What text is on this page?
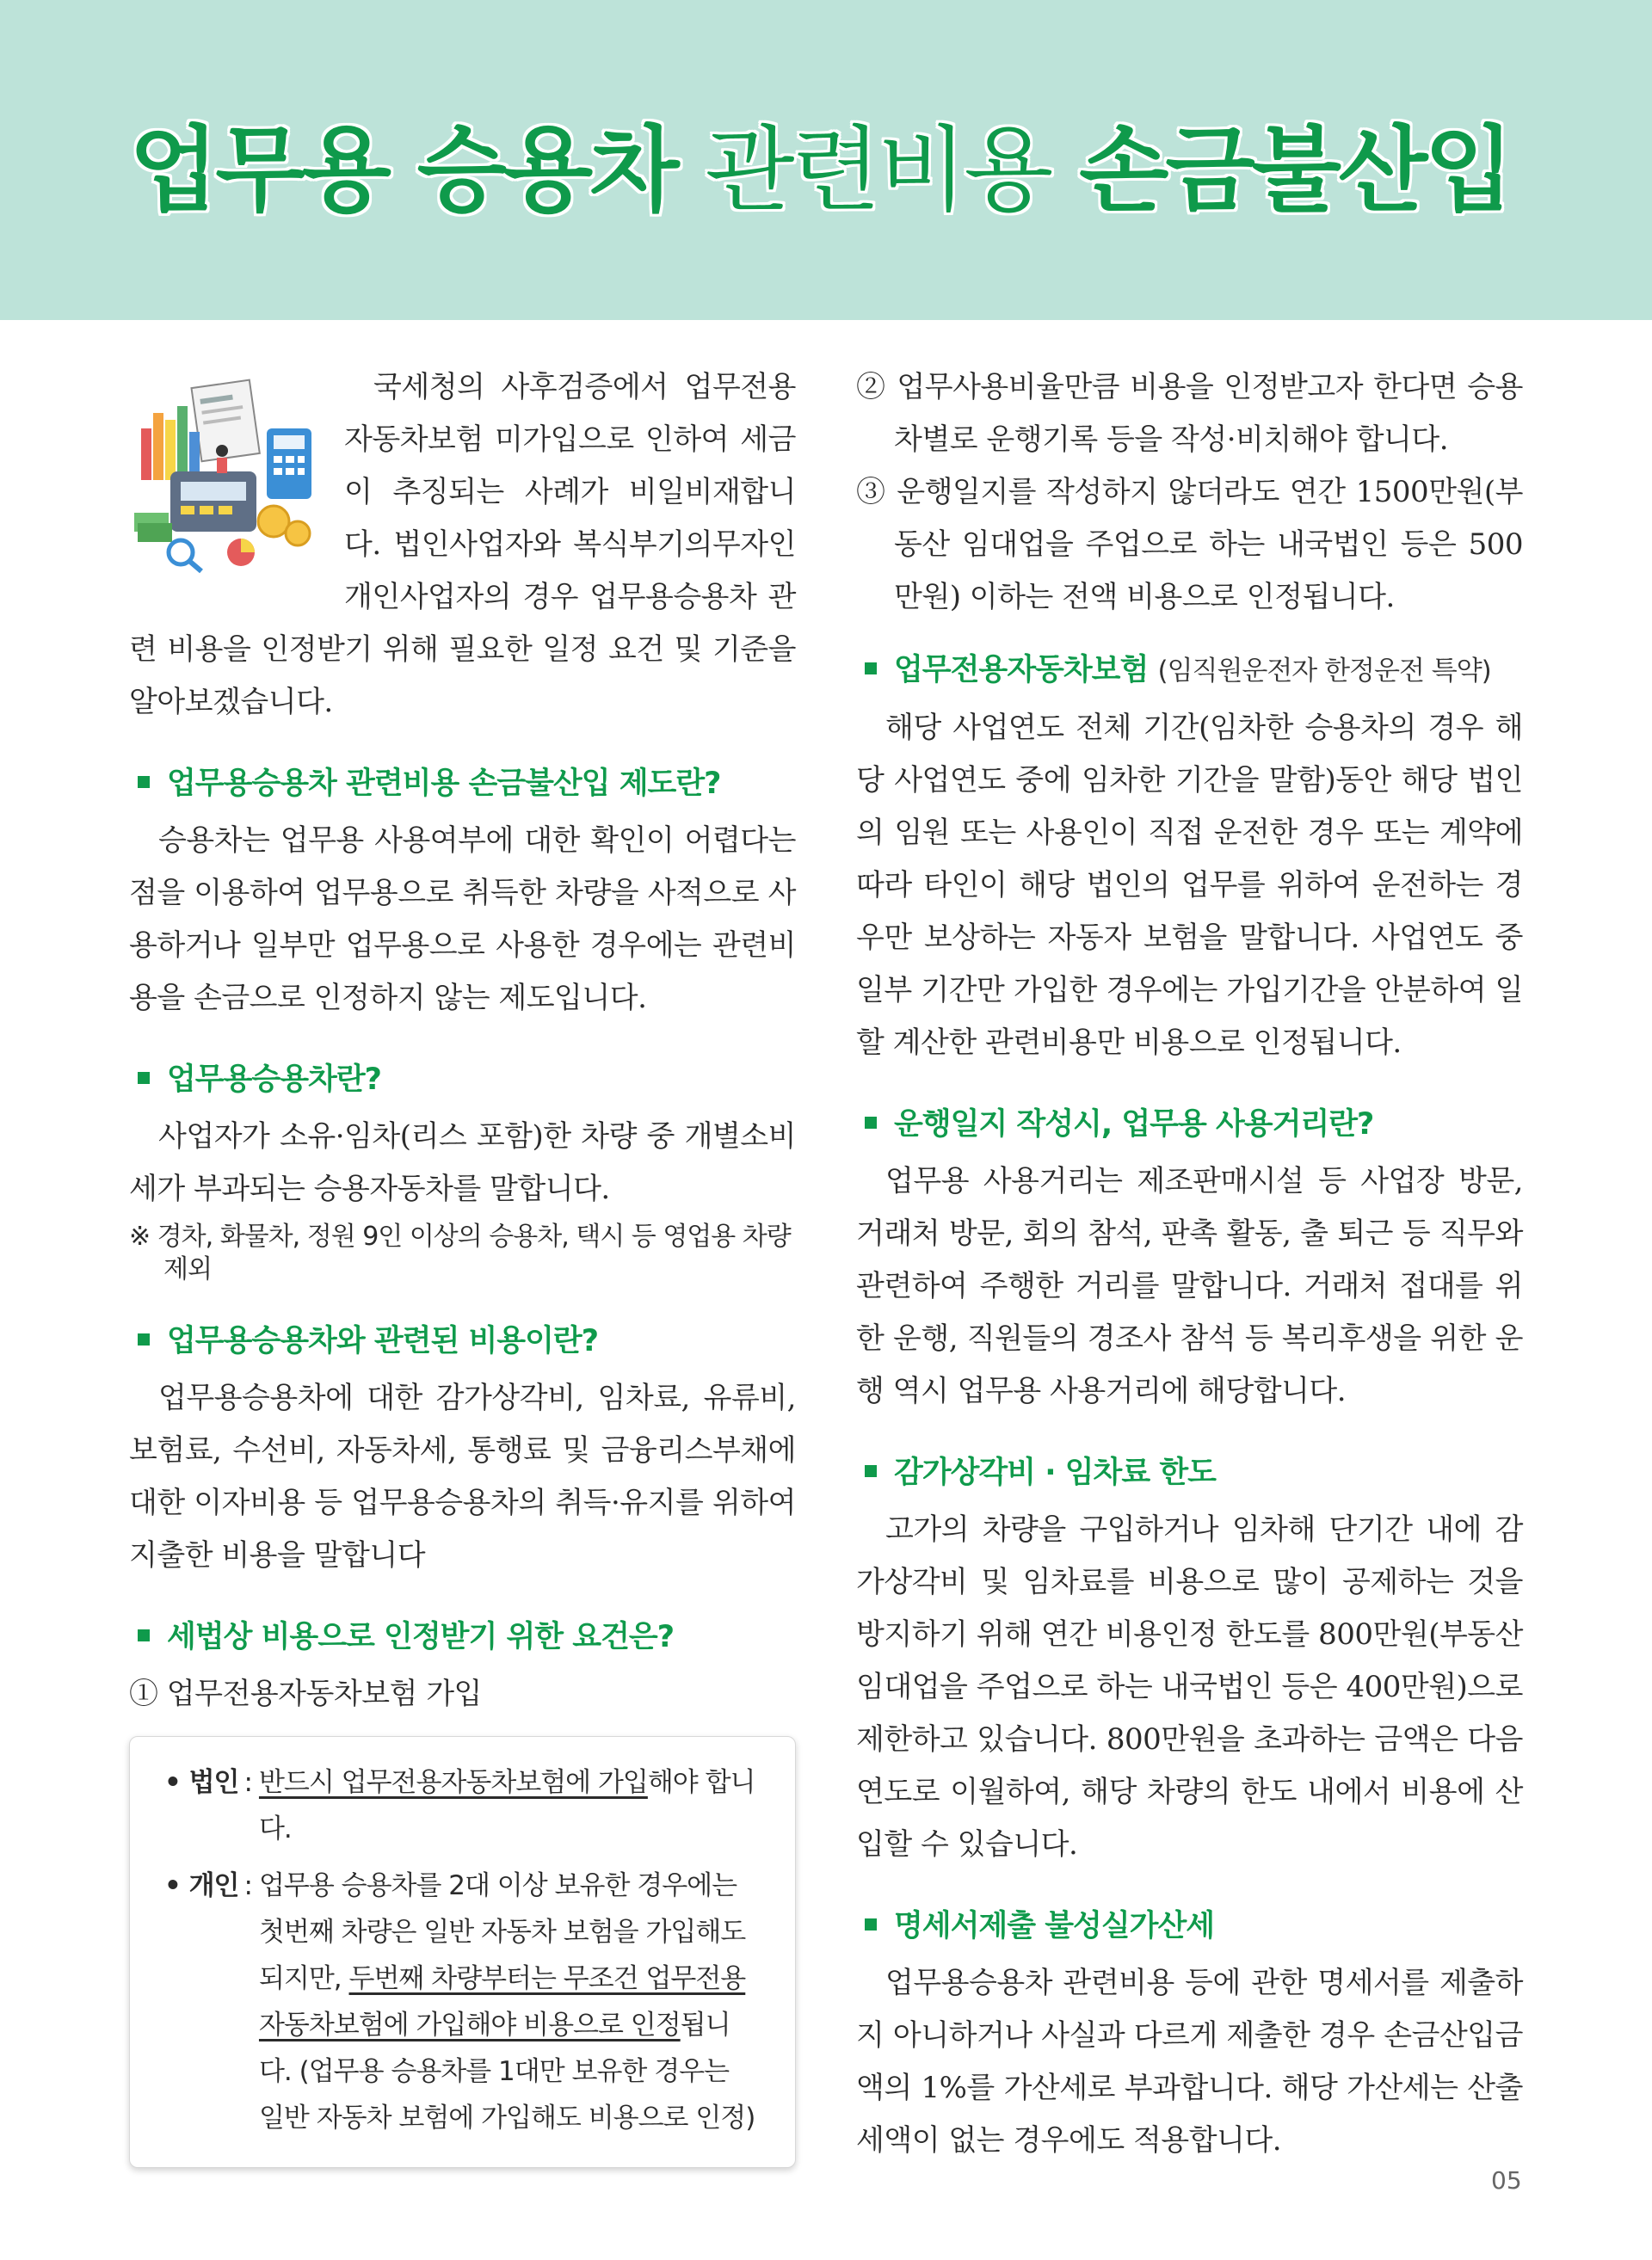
업무용 승용차 관련비용 손금불산입

국세청의 사후검증에서 업무전용자동차보험 미가입으로 인하여 세금이 추징되는 사례가 비일비재합니다. 법인사업자와 복식부기의무자인 개인사업자의 경우 업무용승용차 관련 비용을 인정받기 위해 필요한 일정 요건 및 기준을 알아보겠습니다.

업무용승용차 관련비용 손금불산입 제도란?

승용차는 업무용 사용여부에 대한 확인이 어렵다는 점을 이용하여 업무용으로 취득한 차량을 사적으로 사용하거나 일부만 업무용으로 사용한 경우에는 관련비용을 손금으로 인정하지 않는 제도입니다.

업무용승용차란?

사업자가 소유·임차(리스 포함)한 차량 중 개별소비세가 부과되는 승용자동차를 말합니다.

※ 경차, 화물차, 정원 9인 이상의 승용차, 택시 등 영업용 차량 제외

업무용승용차와 관련된 비용이란?

업무용승용차에 대한 감가상각비, 임차료, 유류비, 보험료, 수선비, 자동차세, 통행료 및 금융리스부채에 대한 이자비용 등 업무용승용차의 취득·유지를 위하여 지출한 비용을 말합니다

세법상 비용으로 인정받기 위한 요건은?

① 업무전용자동차보험 가입

• 법인 : 반드시 업무전용자동차보험에 가입해야 합니다.
• 개인 : 업무용 승용차를 2대 이상 보유한 경우에는 첫번째 차량은 일반 자동차 보험을 가입해도 되지만, 두번째 차량부터는 무조건 업무전용자동차보험에 가입해야 비용으로 인정됩니다. (업무용 승용차를 1대만 보유한 경우는 일반 자동차 보험에 가입해도 비용으로 인정)

② 업무사용비율만큼 비용을 인정받고자 한다면 승용차별로 운행기록 등을 작성·비치해야 합니다.

③ 운행일지를 작성하지 않더라도 연간 1500만원(부동산 임대업을 주업으로 하는 내국법인 등은 500만원) 이하는 전액 비용으로 인정됩니다.

업무전용자동차보험 (임직원운전자 한정운전 특약)

해당 사업연도 전체 기간(임차한 승용차의 경우 해당 사업연도 중에 임차한 기간을 말함)동안 해당 법인의 임원 또는 사용인이 직접 운전한 경우 또는 계약에 따라 타인이 해당 법인의 업무를 위하여 운전하는 경우만 보상하는 자동자 보험을 말합니다. 사업연도 중 일부 기간만 가입한 경우에는 가입기간을 안분하여 일할 계산한 관련비용만 비용으로 인정됩니다.

운행일지 작성시, 업무용 사용거리란?

업무용 사용거리는 제조판매시설 등 사업장 방문, 거래처 방문, 회의 참석, 판촉 활동, 출 퇴근 등 직무와 관련하여 주행한 거리를 말합니다. 거래처 접대를 위한 운행, 직원들의 경조사 참석 등 복리후생을 위한 운행 역시 업무용 사용거리에 해당합니다.

감가상각비 · 임차료 한도

고가의 차량을 구입하거나 임차해 단기간 내에 감가상각비 및 임차료를 비용으로 많이 공제하는 것을 방지하기 위해 연간 비용인정 한도를 800만원(부동산임대업을 주업으로 하는 내국법인 등은 400만원)으로 제한하고 있습니다. 800만원을 초과하는 금액은 다음연도로 이월하여, 해당 차량의 한도 내에서 비용에 산입할 수 있습니다.

명세서제출 불성실가산세

업무용승용차 관련비용 등에 관한 명세서를 제출하지 아니하거나 사실과 다르게 제출한 경우 손금산입금액의 1%를 가산세로 부과합니다. 해당 가산세는 산출세액이 없는 경우에도 적용합니다.

05
